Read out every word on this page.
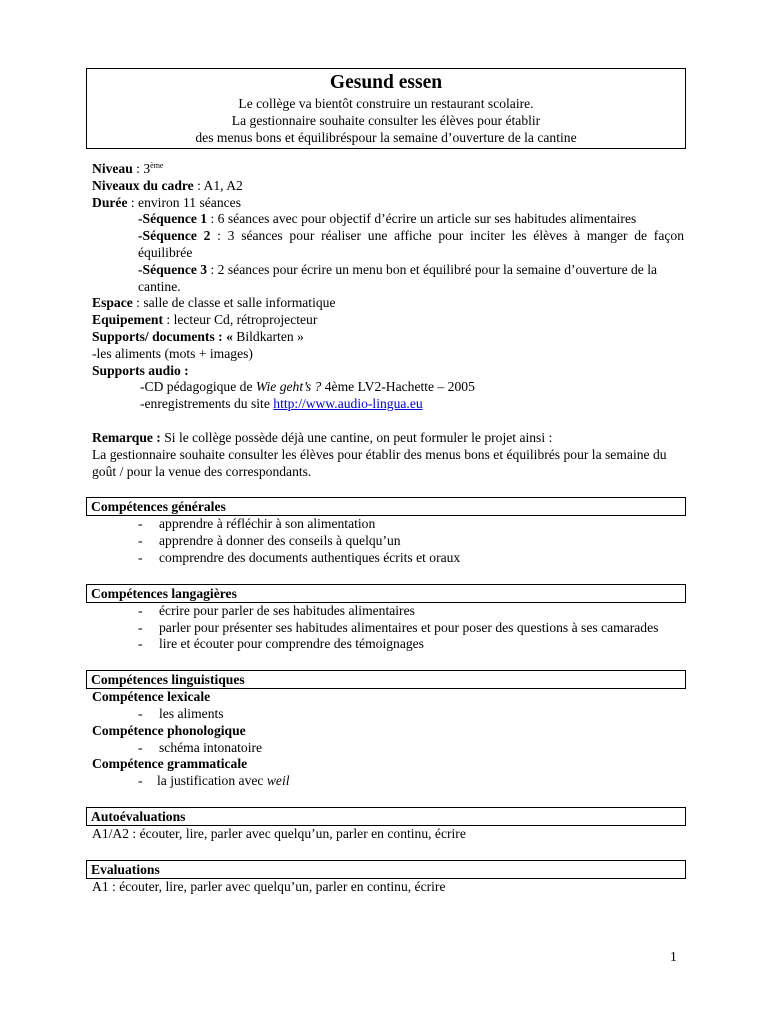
Gesund essen
Le collège va bientôt construire un restaurant scolaire.
La gestionnaire souhaite consulter les élèves pour établir
des menus bons et équilibréspour la semaine d’ouverture de la cantine
Niveau : 3ème
Niveaux du cadre : A1, A2
Durée : environ 11 séances
-Séquence 1 : 6 séances avec pour objectif d’écrire un article sur ses habitudes alimentaires
-Séquence 2 : 3 séances pour réaliser une affiche pour inciter les élèves à manger de façon équilibrée
-Séquence 3 : 2 séances pour écrire un menu bon et équilibré pour la semaine d’ouverture de la cantine.
Espace : salle de classe et salle informatique
Equipement : lecteur Cd, rétroprojecteur
Supports/ documents : « Bildkarten »
-les aliments (mots + images)
Supports audio :
-CD pédagogique de Wie geht’s ? 4ème LV2-Hachette – 2005
-enregistrements du site http://www.audio-lingua.eu
Remarque : Si le collège possède déjà une cantine, on peut formuler le projet ainsi :
La gestionnaire souhaite consulter les élèves pour établir des menus bons et équilibrés pour la semaine du goût / pour la venue des correspondants.
Compétences générales
- apprendre à réfléchir à son alimentation
- apprendre à donner des conseils à quelqu’un
- comprendre des documents authentiques écrits et oraux
Compétences langagières
- écrire pour parler de ses habitudes alimentaires
- parler pour présenter ses habitudes alimentaires et pour poser des questions à ses camarades
- lire et écouter pour comprendre des témoignages
Compétences linguistiques
Compétence lexicale
- les aliments
Compétence phonologique
- schéma intonatoire
Compétence grammaticale
- la justification avec weil
Autoévaluations
A1/A2 : écouter, lire, parler avec quelqu’un, parler en continu, écrire
Evaluations
A1 : écouter, lire, parler avec quelqu’un, parler en continu, écrire
1
